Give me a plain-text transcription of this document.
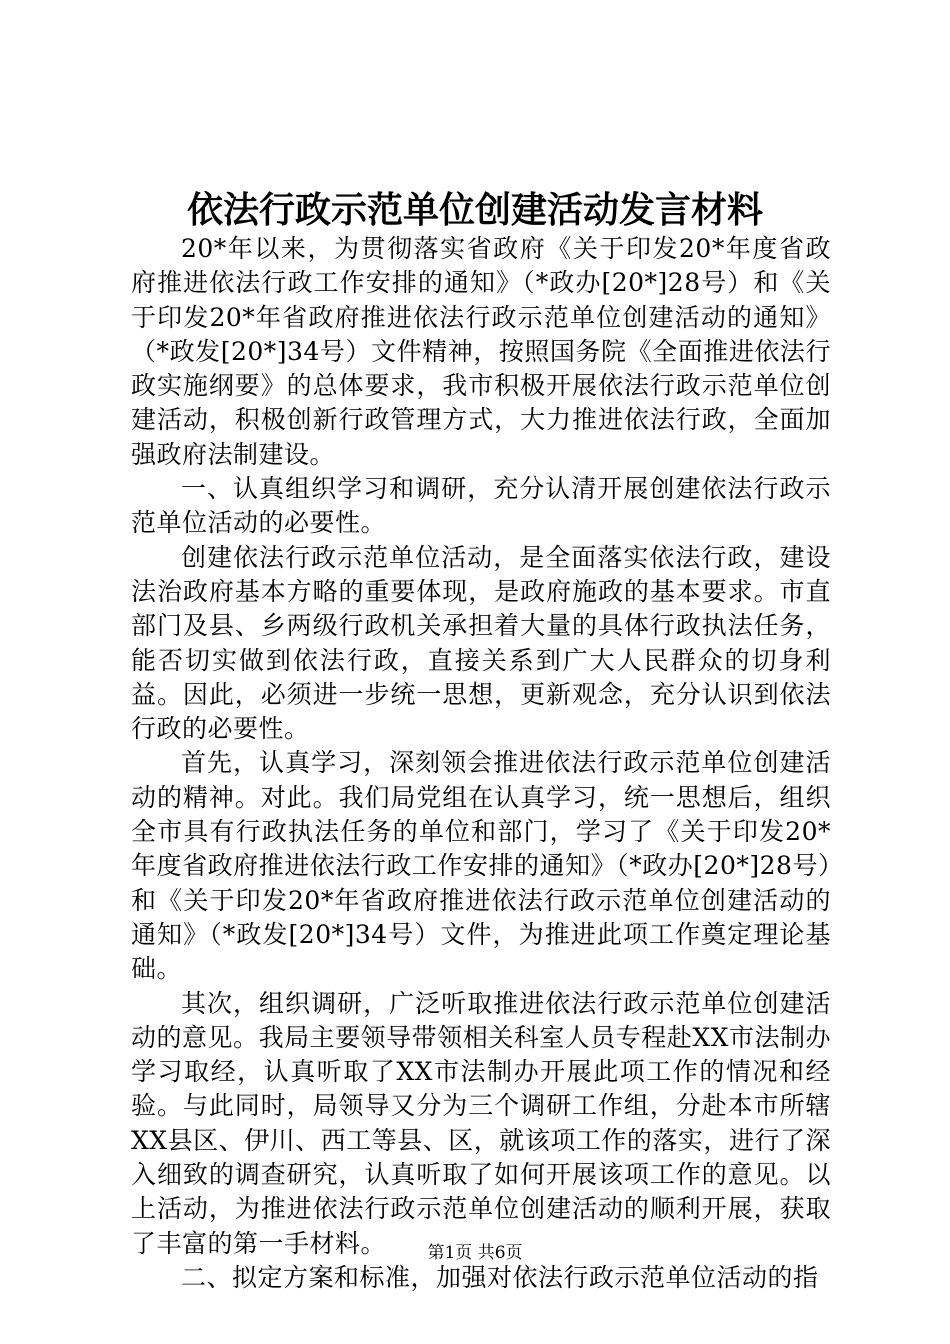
依法行政示范单位创建活动发言材料

20*年以来，为贯彻落实省政府《关于印发20*年度省政府推进依法行政工作安排的通知》（*政办[20*]28号）和《关于印发20*年省政府推进依法行政示范单位创建活动的通知》（*政发[20*]34号）文件精神，按照国务院《全面推进依法行政实施纲要》的总体要求，我市积极开展依法行政示范单位创建活动，积极创新行政管理方式，大力推进依法行政，全面加强政府法制建设。

一、认真组织学习和调研，充分认清开展创建依法行政示范单位活动的必要性。

创建依法行政示范单位活动，是全面落实依法行政，建设法治政府基本方略的重要体现，是政府施政的基本要求。市直部门及县、乡两级行政机关承担着大量的具体行政执法任务，能否切实做到依法行政，直接关系到广大人民群众的切身利益。因此，必须进一步统一思想，更新观念，充分认识到依法行政的必要性。

首先，认真学习，深刻领会推进依法行政示范单位创建活动的精神。对此。我们局党组在认真学习，统一思想后，组织全市具有行政执法任务的单位和部门，学习了《关于印发20*年度省政府推进依法行政工作安排的通知》（*政办[20*]28号）和《关于印发20*年省政府推进依法行政示范单位创建活动的通知》（*政发[20*]34号）文件，为推进此项工作奠定理论基础。

其次，组织调研，广泛听取推进依法行政示范单位创建活动的意见。我局主要领导带领相关科室人员专程赴XX市法制办学习取经，认真听取了XX市法制办开展此项工作的情况和经验。与此同时，局领导又分为三个调研工作组，分赴本市所辖XX县区、伊川、西工等县、区，就该项工作的落实，进行了深入细致的调查研究，认真听取了如何开展该项工作的意见。以上活动，为推进依法行政示范单位创建活动的顺利开展，获取了丰富的第一手材料。

二、拟定方案和标准，加强对依法行政示范单位活动的指

第1页 共6页
